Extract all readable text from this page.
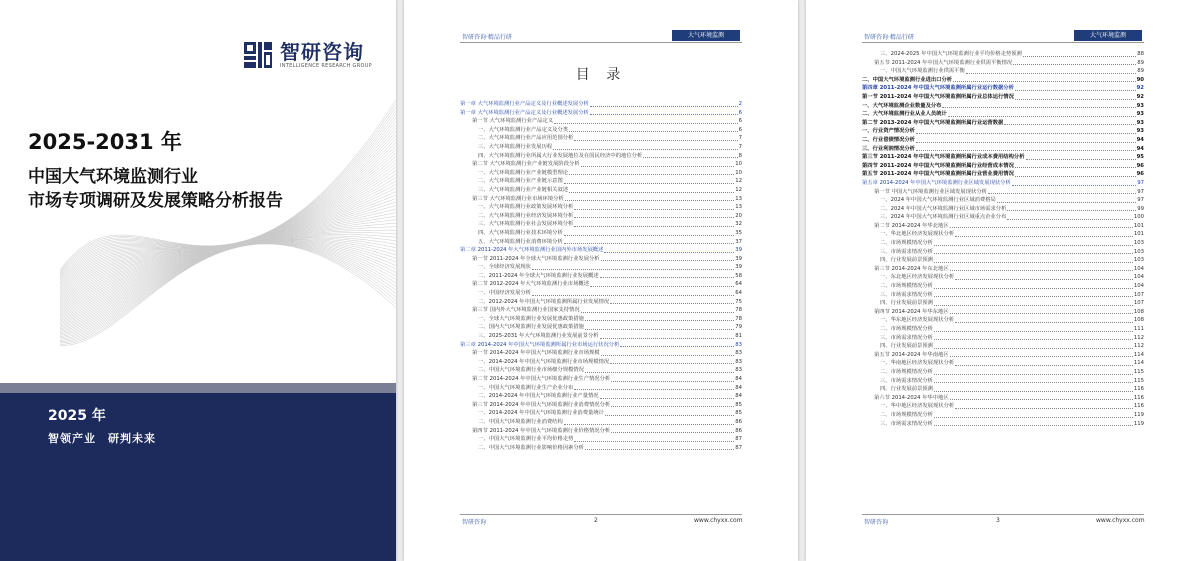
智研咨询
INTELLIGENCE RESEARCH GROUP
2025-2031 年
中国大气环境监测行业
市场专项调研及发展策略分析报告
2025 年
智领产业　研判未来
智研咨询·精品行研	大气环境监测
目 录
第一章 大气环境监测行业产品定义及行业概述发展分析	2
第一章 大气环境监测行业产品定义及行业概述发展分析	6
第一节 大气环境监测行业产品定义	6
一、大气环境监测行业产品定义及分类	6
二、大气环境监测行业产品应用范围分析	7
三、大气环境监测行业发展历程	7
四、大气环境监测行业所属大行业发展地位及在国民经济中的地位分析	8
第二节 大气环境监测行业产业链发展阶段分析	10
一、大气环境监测行业产业链模型理论	10
二、大气环境监测行业产业链示意图	12
三、大气环境监测行业产业链相关叙述	12
第三节 大气环境监测行业市场环境分析	13
一、大气环境监测行业政策发展环境分析	13
二、大气环境监测行业经济发展环境分析	20
三、大气环境监测行业社会发展环境分析	32
四、大气环境监测行业技术环境分析	35
五、大气环境监测行业消费环境分析	37
第二章 2011-2024 年大气环境监测行业国内外市场发展概述	39
第一节 2011-2024 年全球大气环境监测行业发展分析	39
一、全球经济发展现状	39
二、2011-2024 年全球大气环境监测行业发展概述	58
第二节 2012-2024 年大气环境监测行业市场概述	64
一、中国经济发展分析	64
二、2012-2024 年中国大气环境监测所属行业发展情况	75
第三节 国内外大气环境监测行业国家支持情况	78
一、全球大气环境监测行业发展优惠政策措施	78
二、国内大气环境监测行业发展优惠政策措施	79
三、2025-2031 年大气环境监测行业发展前景分析	81
第三章 2014-2024 年中国大气环境监测所属行业市场运行状况分析	83
第一节 2014-2024 年中国大气环境监测行业市场规模	83
一、2014-2024 年中国大气环境监测行业市场规模情况	83
二、中国大气环境监测行业市场细分规模情况	83
第二节 2014-2024 年中国大气环境监测行业生产情况分析	84
一、中国大气环境监测行业生产企业分布	84
二、2014-2024 年中国大气环境监测行业产量情况	84
第三节 2014-2024 年中国大气环境监测行业消费情况分析	85
一、2014-2024 年中国大气环境监测行业消费量统计	85
二、中国大气环境监测行业消费结构	86
第四节 2011-2024 年中国大气环境监测行业价格情况分析	86
一、中国大气环境监测行业平均价格走势	87
二、中国大气环境监测行业影响价格因素分析	87
智研咨询	2	www.chyxx.com
智研咨询·精品行研	大气环境监测
三、2024-2025 年中国大气环境监测行业平均价格走势预测	88
第五节 2011-2024 年中国大气环境监测行业供需平衡情况	89
一、中国大气环境监测行业供需平衡	89
二、中国大气环境监测行业进出口分析	90
第四章 2011-2024 年中国大气环境监测所属行业运行数据分析	92
第一节 2011-2024 年中国大气环境监测所属行业总体运行情况	92
一、大气环境监测企业数量及分布	93
二、大气环境监测行业从业人员统计	93
第二节 2013-2024 年中国大气环境监测所属行业运营数据	93
一、行业资产情况分析	93
二、行业偿债情况分析	94
三、行业利润情况分析	94
第三节 2011-2024 年中国大气环境监测所属行业成本费用结构分析	95
第四节 2011-2024 年中国大气环境监测所属行业经营成本情况	96
第五节 2011-2024 年中国大气环境监测所属行业营业费用情况	96
第五章 2014-2024 年中国大气环境监测行业区域发展现状分析	97
第一节 中国大气环境监测行业区域发展现状分析	97
一、2024 年中国大气环境监测行业区域消费格局	97
二、2024 年中国大气环境监测行业区域市场需求分析	99
三、2024 年中国大气环境监测行业区域重点企业分布	100
第二节 2014-2024 年华北地区	101
一、华北地区经济发展现状分析	101
二、市场规模情况分析	103
三、市场需求情况分析	103
四、行业发展前景预测	103
第三节 2014-2024 年东北地区	104
一、东北地区经济发展现状分析	104
二、市场规模情况分析	104
三、市场需求情况分析	107
四、行业发展前景预测	107
第四节 2014-2024 年华东地区	108
一、华东地区经济发展现状分析	108
二、市场规模情况分析	111
三、市场需求情况分析	112
四、行业发展前景预测	112
第五节 2014-2024 年华南地区	114
一、华南地区经济发展现状分析	114
二、市场规模情况分析	115
三、市场需求情况分析	115
四、行业发展前景预测	116
第六节 2014-2024 年华中地区	116
一、华中地区经济发展现状分析	116
二、市场规模情况分析	119
三、市场需求情况分析	119
智研咨询	3	www.chyxx.com
